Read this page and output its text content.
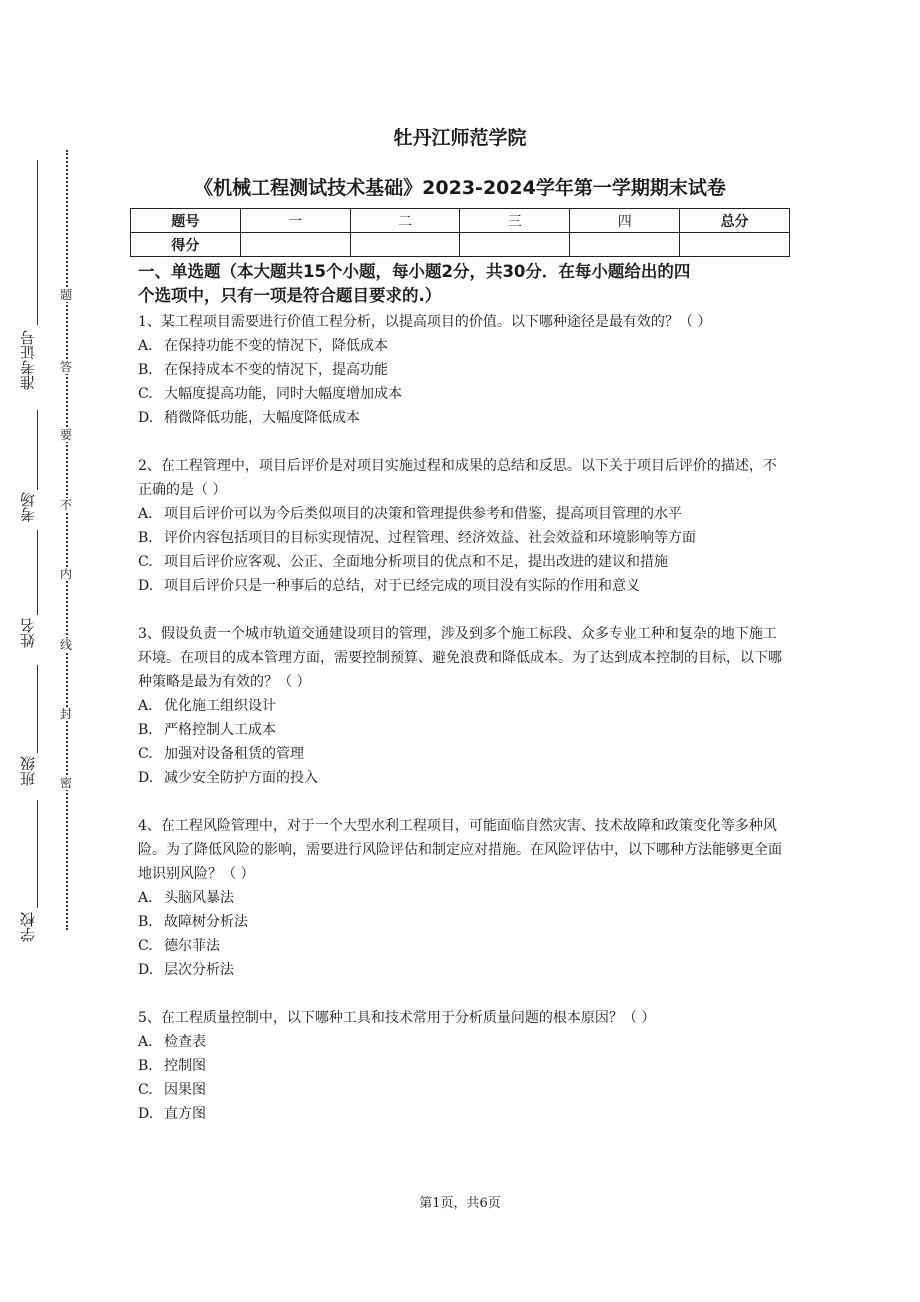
题
答
要
不
内
线
封
密
准考证号
考场
姓名
班级
学校
牡丹江师范学院
《机械工程测试技术基础》2023-2024学年第一学期期末试卷
题号	一	二	三	四	总分
得分					
一、单选题（本大题共15个小题，每小题2分，共30分．在每小题给出的四
个选项中，只有一项是符合题目要求的.）

1、某工程项目需要进行价值工程分析，以提高项目的价值。以下哪种途径是最有效的？（ ）

A. 在保持功能不变的情况下，降低成本
B. 在保持成本不变的情况下，提高功能
C. 大幅度提高功能，同时大幅度增加成本
D. 稍微降低功能，大幅度降低成本

2、在工程管理中，项目后评价是对项目实施过程和成果的总结和反思。以下关于项目后评价的描述，不正确的是（ ）

A. 项目后评价可以为今后类似项目的决策和管理提供参考和借鉴，提高项目管理的水平
B. 评价内容包括项目的目标实现情况、过程管理、经济效益、社会效益和环境影响等方面
C. 项目后评价应客观、公正、全面地分析项目的优点和不足，提出改进的建议和措施
D. 项目后评价只是一种事后的总结，对于已经完成的项目没有实际的作用和意义

3、假设负责一个城市轨道交通建设项目的管理，涉及到多个施工标段、众多专业工种和复杂的地下施工环境。在项目的成本管理方面，需要控制预算、避免浪费和降低成本。为了达到成本控制的目标，以下哪种策略是最为有效的？（ ）

A. 优化施工组织设计
B. 严格控制人工成本
C. 加强对设备租赁的管理
D. 减少安全防护方面的投入

4、在工程风险管理中，对于一个大型水利工程项目，可能面临自然灾害、技术故障和政策变化等多种风险。为了降低风险的影响，需要进行风险评估和制定应对措施。在风险评估中，以下哪种方法能够更全面地识别风险？（ ）

A. 头脑风暴法
B. 故障树分析法
C. 德尔菲法
D. 层次分析法

5、在工程质量控制中，以下哪种工具和技术常用于分析质量问题的根本原因？（ ）

A. 检查表
B. 控制图
C. 因果图
D. 直方图
第1页，共6页
